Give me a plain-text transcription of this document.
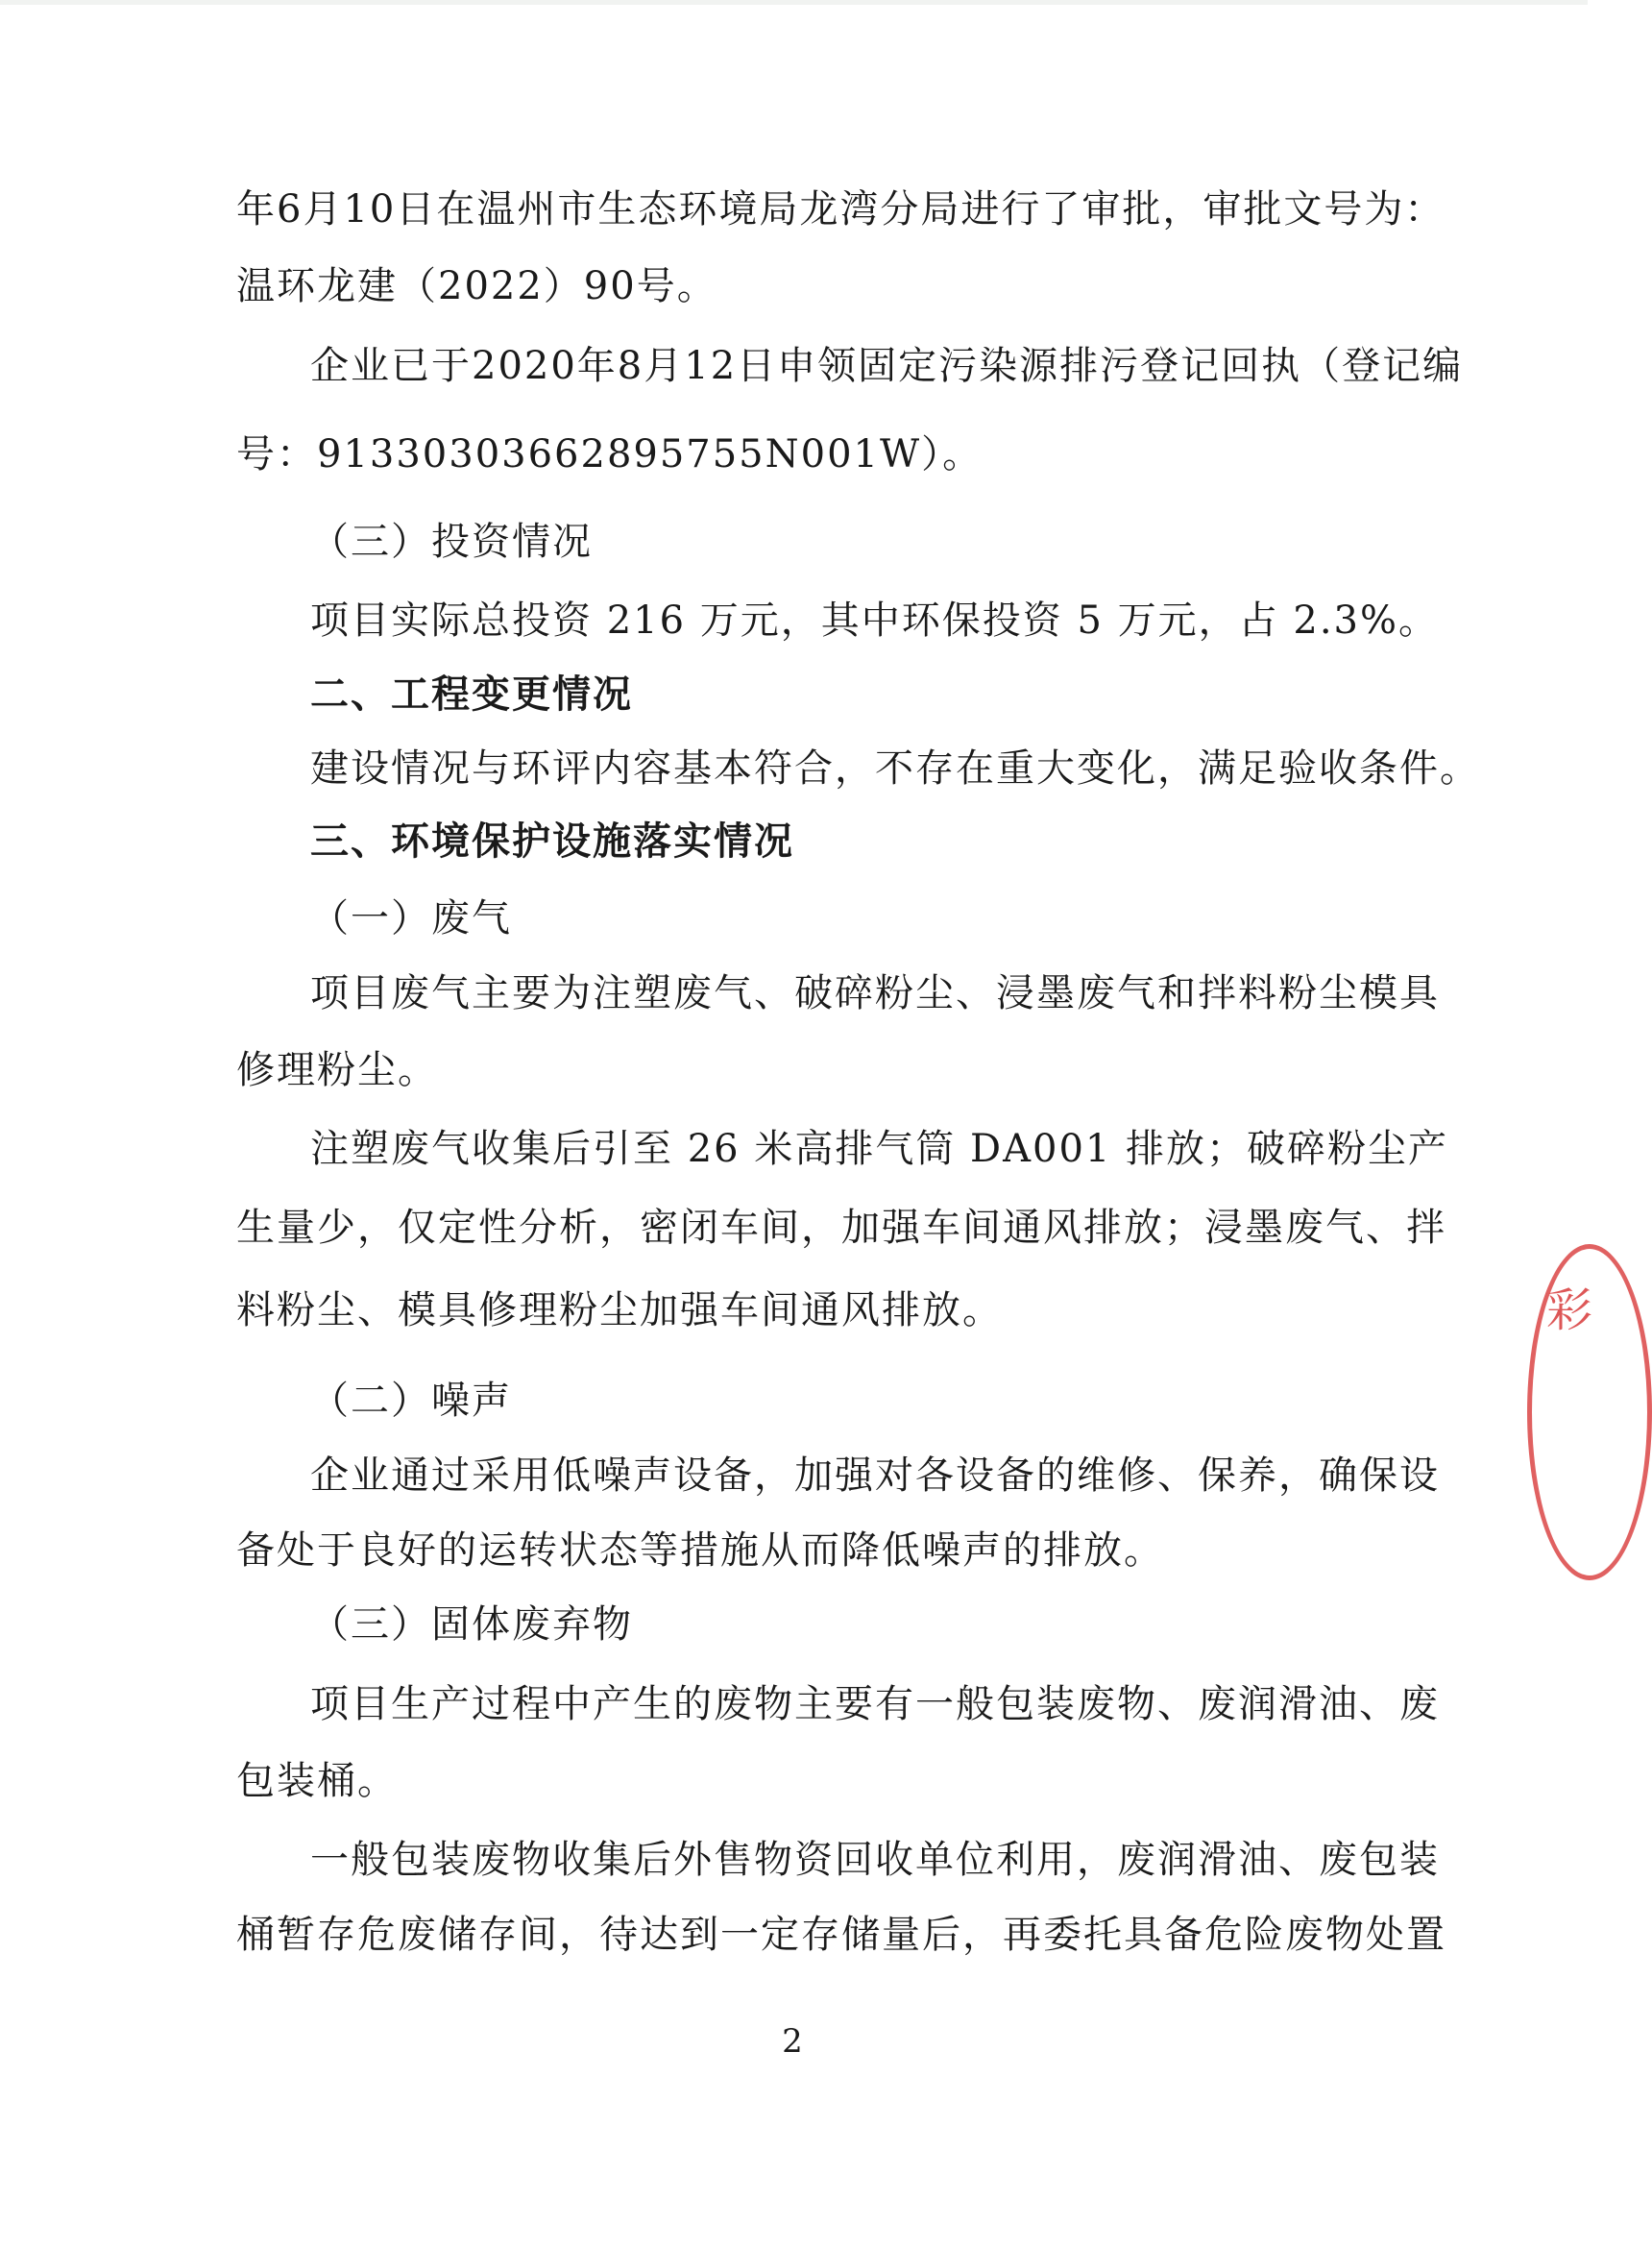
年6月10日在温州市生态环境局龙湾分局进行了审批，审批文号为：
温环龙建（2022）90号。
企业已于2020年8月12日申领固定污染源排污登记回执（登记编
号：91330303662895755N001W）。
（三）投资情况
项目实际总投资 216 万元，其中环保投资 5 万元，占 2.3%。
二、工程变更情况
建设情况与环评内容基本符合，不存在重大变化，满足验收条件。
三、环境保护设施落实情况
（一）废气
项目废气主要为注塑废气、破碎粉尘、浸墨废气和拌料粉尘模具
修理粉尘。
注塑废气收集后引至 26 米高排气筒 DA001 排放；破碎粉尘产
生量少，仅定性分析，密闭车间，加强车间通风排放；浸墨废气、拌
料粉尘、模具修理粉尘加强车间通风排放。
（二）噪声
企业通过采用低噪声设备，加强对各设备的维修、保养，确保设
备处于良好的运转状态等措施从而降低噪声的排放。
（三）固体废弃物
项目生产过程中产生的废物主要有一般包装废物、废润滑油、废
包装桶。
一般包装废物收集后外售物资回收单位利用，废润滑油、废包装
桶暂存危废储存间，待达到一定存储量后，再委托具备危险废物处置
2
彩
